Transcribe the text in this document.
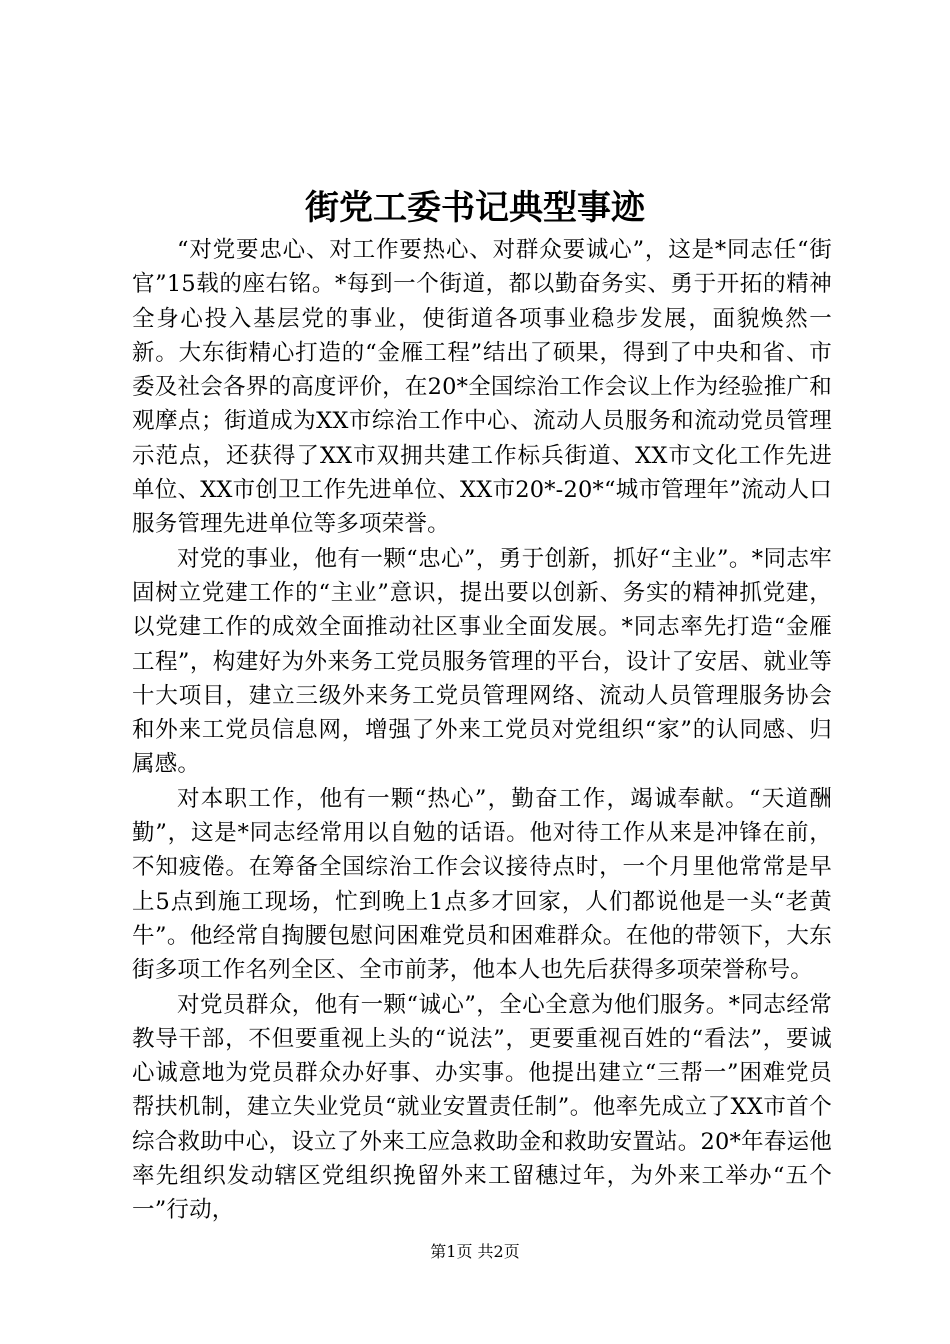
街党工委书记典型事迹

“对党要忠心、对工作要热心、对群众要诚心”，这是*同志任“街官”15载的座右铭。*每到一个街道，都以勤奋务实、勇于开拓的精神全身心投入基层党的事业，使街道各项事业稳步发展，面貌焕然一新。大东街精心打造的“金雁工程”结出了硕果，得到了中央和省、市委及社会各界的高度评价，在20*全国综治工作会议上作为经验推广和观摩点；街道成为XX市综治工作中心、流动人员服务和流动党员管理示范点，还获得了XX市双拥共建工作标兵街道、XX市文化工作先进单位、XX市创卫工作先进单位、XX市20*-20*“城市管理年”流动人口服务管理先进单位等多项荣誉。

对党的事业，他有一颗“忠心”，勇于创新，抓好“主业”。*同志牢固树立党建工作的“主业”意识，提出要以创新、务实的精神抓党建，以党建工作的成效全面推动社区事业全面发展。*同志率先打造“金雁工程”，构建好为外来务工党员服务管理的平台，设计了安居、就业等十大项目，建立三级外来务工党员管理网络、流动人员管理服务协会和外来工党员信息网，增强了外来工党员对党组织“家”的认同感、归属感。

对本职工作，他有一颗“热心”，勤奋工作，竭诚奉献。“天道酬勤”，这是*同志经常用以自勉的话语。他对待工作从来是冲锋在前，不知疲倦。在筹备全国综治工作会议接待点时，一个月里他常常是早上5点到施工现场，忙到晚上1点多才回家，人们都说他是一头“老黄牛”。他经常自掏腰包慰问困难党员和困难群众。在他的带领下，大东街多项工作名列全区、全市前茅，他本人也先后获得多项荣誉称号。

对党员群众，他有一颗“诚心”，全心全意为他们服务。*同志经常教导干部，不但要重视上头的“说法”，更要重视百姓的“看法”，要诚心诚意地为党员群众办好事、办实事。他提出建立“三帮一”困难党员帮扶机制，建立失业党员“就业安置责任制”。他率先成立了XX市首个综合救助中心，设立了外来工应急救助金和救助安置站。20*年春运他率先组织发动辖区党组织挽留外来工留穗过年，为外来工举办“五个一”行动，

第1页 共2页
